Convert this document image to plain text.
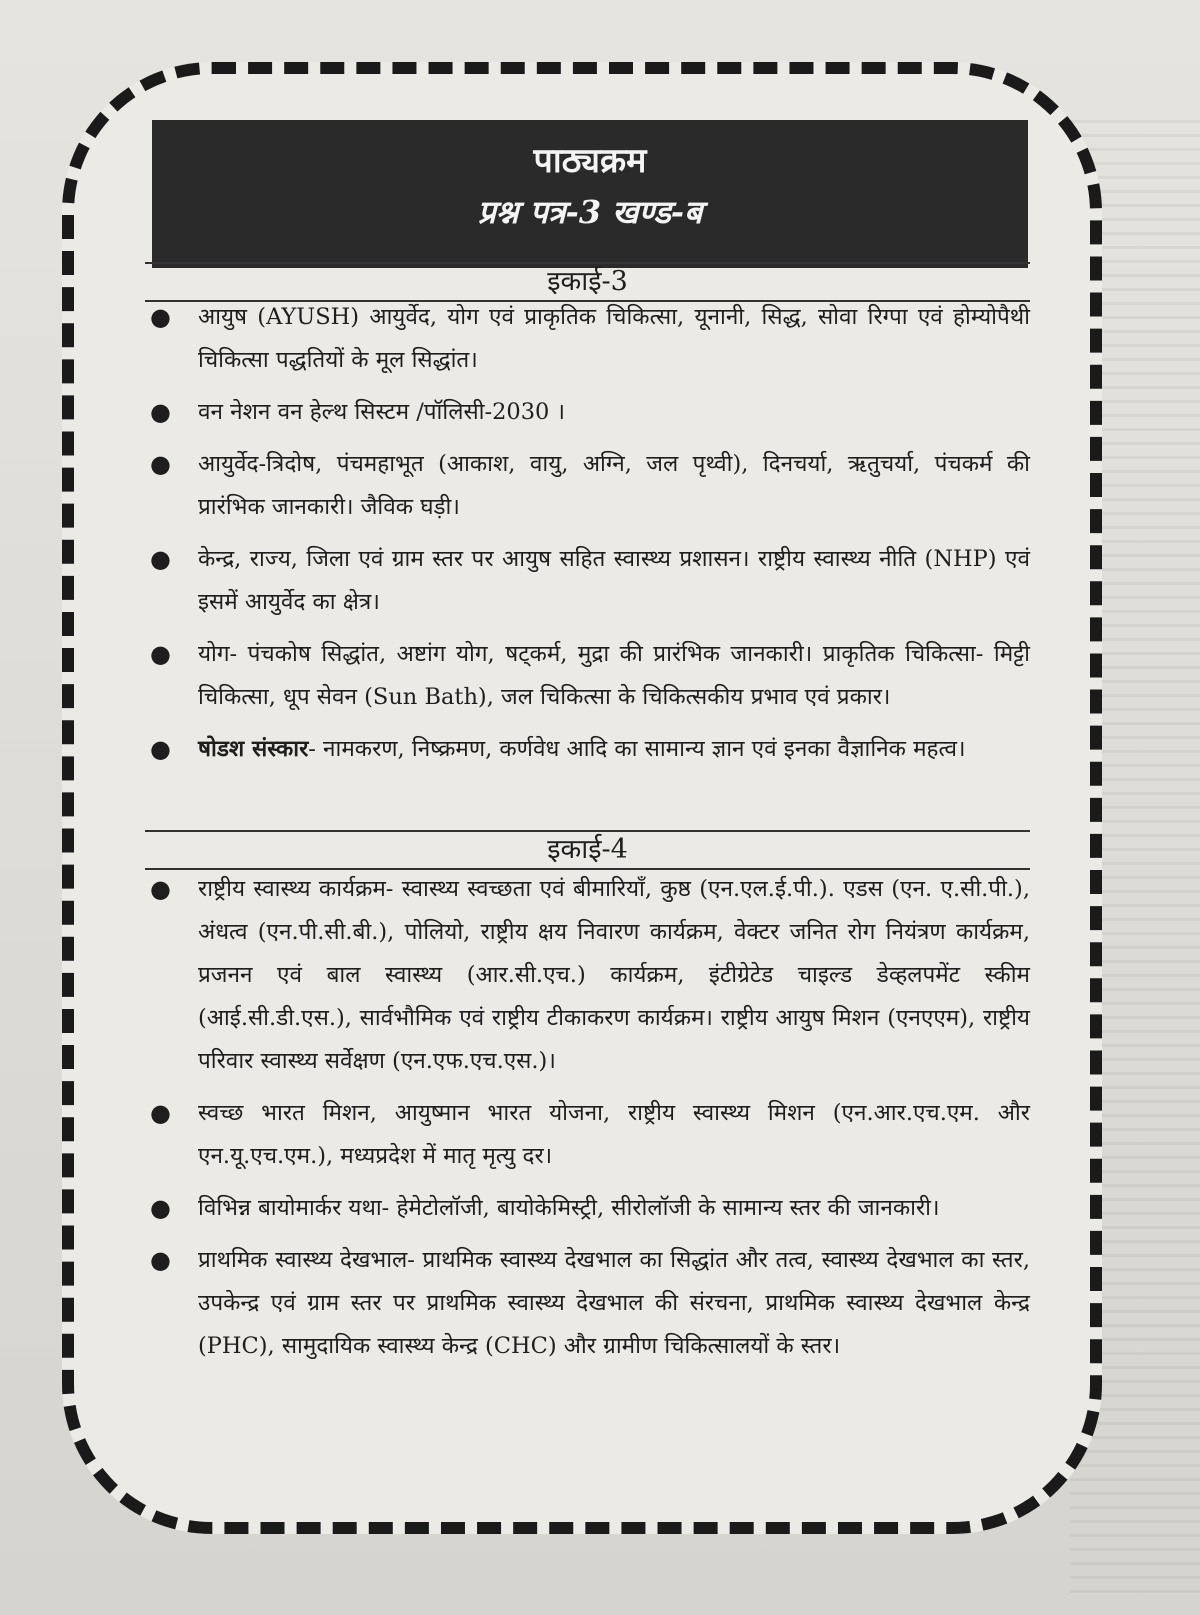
पाठ्यक्रम
प्रश्न पत्र-3 खण्ड-ब
इकाई-3
● आयुष (AYUSH) आयुर्वेद, योग एवं प्राकृतिक चिकित्सा, यूनानी, सिद्ध, सोवा रिग्पा एवं होम्योपैथी चिकित्सा पद्धतियों के मूल सिद्धांत।
● वन नेशन वन हेल्थ सिस्टम /पॉलिसी-2030 ।
● आयुर्वेद-त्रिदोष, पंचमहाभूत (आकाश, वायु, अग्नि, जल पृथ्वी), दिनचर्या, ऋतुचर्या, पंचकर्म की प्रारंभिक जानकारी। जैविक घड़ी।
● केन्द्र, राज्य, जिला एवं ग्राम स्तर पर आयुष सहित स्वास्थ्य प्रशासन। राष्ट्रीय स्वास्थ्य नीति (NHP) एवं इसमें आयुर्वेद का क्षेत्र।
● योग- पंचकोष सिद्धांत, अष्टांग योग, षट्कर्म, मुद्रा की प्रारंभिक जानकारी। प्राकृतिक चिकित्सा- मिट्टी चिकित्सा, धूप सेवन (Sun Bath), जल चिकित्सा के चिकित्सकीय प्रभाव एवं प्रकार।
● षोडश संस्कार- नामकरण, निष्क्रमण, कर्णवेध आदि का सामान्य ज्ञान एवं इनका वैज्ञानिक महत्व।
इकाई-4
● राष्ट्रीय स्वास्थ्य कार्यक्रम- स्वास्थ्य स्वच्छता एवं बीमारियाँ, कुष्ठ (एन.एल.ई.पी.). एडस (एन. ए.सी.पी.), अंधत्व (एन.पी.सी.बी.), पोलियो, राष्ट्रीय क्षय निवारण कार्यक्रम, वेक्टर जनित रोग नियंत्रण कार्यक्रम, प्रजनन एवं बाल स्वास्थ्य (आर.सी.एच.) कार्यक्रम, इंटीग्रेटेड चाइल्ड डेव्हलपमेंट स्कीम (आई.सी.डी.एस.), सार्वभौमिक एवं राष्ट्रीय टीकाकरण कार्यक्रम। राष्ट्रीय आयुष मिशन (एनएएम), राष्ट्रीय परिवार स्वास्थ्य सर्वेक्षण (एन.एफ.एच.एस.)।
● स्वच्छ भारत मिशन, आयुष्मान भारत योजना, राष्ट्रीय स्वास्थ्य मिशन (एन.आर.एच.एम. और एन.यू.एच.एम.), मध्यप्रदेश में मातृ मृत्यु दर।
● विभिन्न बायोमार्कर यथा- हेमेटोलॉजी, बायोकेमिस्ट्री, सीरोलॉजी के सामान्य स्तर की जानकारी।
● प्राथमिक स्वास्थ्य देखभाल- प्राथमिक स्वास्थ्य देखभाल का सिद्धांत और तत्व, स्वास्थ्य देखभाल का स्तर, उपकेन्द्र एवं ग्राम स्तर पर प्राथमिक स्वास्थ्य देखभाल की संरचना, प्राथमिक स्वास्थ्य देखभाल केन्द्र (PHC), सामुदायिक स्वास्थ्य केन्द्र (CHC) और ग्रामीण चिकित्सालयों के स्तर।
